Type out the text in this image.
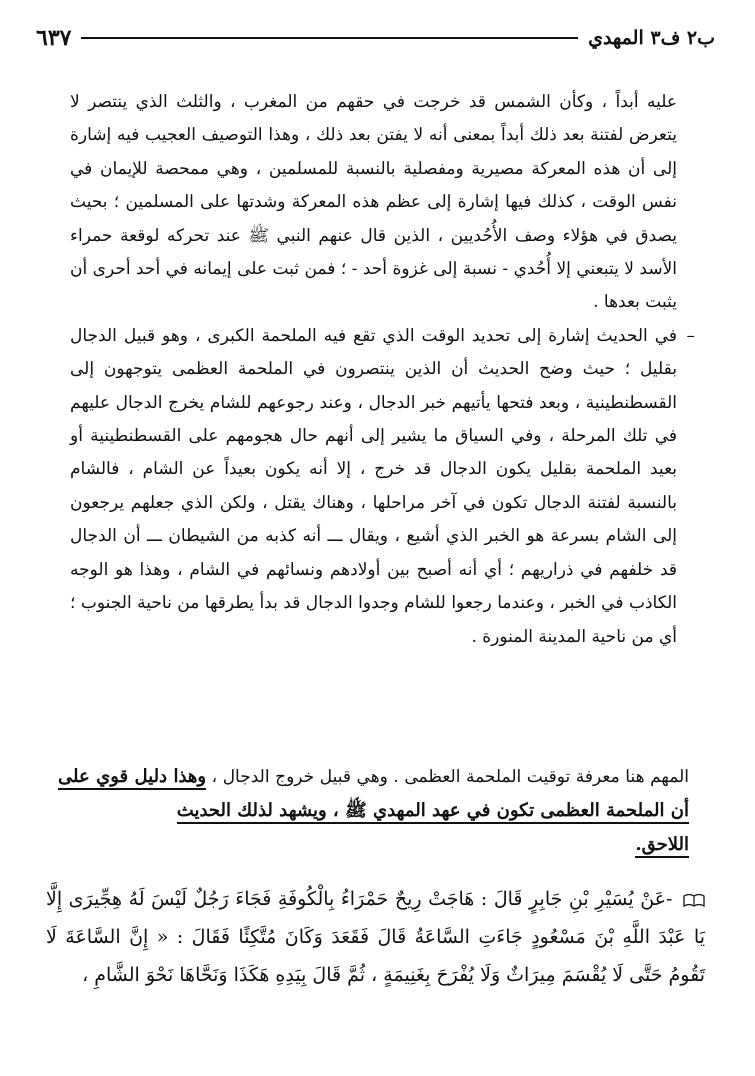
ب٢ ف٣ المهدي
٦٣٧

عليه أبداً ، وكأن الشمس قد خرجت في حقهم من المغرب ، والثلث الذي ينتصر لا يتعرض لفتنة بعد ذلك أبداً بمعنى أنه لا يفتن بعد ذلك ، وهذا التوصيف العجيب فيه إشارة إلى أن هذه المعركة مصيرية ومفصلية بالنسبة للمسلمين ، وهي ممحصة للإيمان في نفس الوقت ، كذلك فيها إشارة إلى عظم هذه المعركة وشدتها على المسلمين ؛ بحيث يصدق في هؤلاء وصف الأُحُديين ، الذين قال عنهم النبي ﷺ عند تحركه لوقعة حمراء الأسد لا يتبعني إلا أُحُدي - نسبة إلى غزوة أحد - ؛ فمن ثبت على إيمانه في أحد أحرى أن يثبت بعدها .

–
في الحديث إشارة إلى تحديد الوقت الذي تقع فيه الملحمة الكبرى ، وهو قبيل الدجال بقليل ؛ حيث وضح الحديث أن الذين ينتصرون في الملحمة العظمى يتوجهون إلى القسطنطينية ، وبعد فتحها يأتيهم خبر الدجال ، وعند رجوعهم للشام يخرج الدجال عليهم في تلك المرحلة ، وفي السياق ما يشير إلى أنهم حال هجومهم على القسطنطينية أو بعيد الملحمة بقليل يكون الدجال قد خرج ، إلا أنه يكون بعيداً عن الشام ، فالشام بالنسبة لفتنة الدجال تكون في آخر مراحلها ، وهناك يقتل ، ولكن الذي جعلهم يرجعون إلى الشام بسرعة هو الخبر الذي أشيع ، ويقال ـــ أنه كذبه من الشيطان ـــ أن الدجال قد خلفهم في ذراريهم ؛ أي أنه أصبح بين أولادهم ونسائهم في الشام ، وهذا هو الوجه الكاذب في الخبر ، وعندما رجعوا للشام وجدوا الدجال قد بدأ يطرقها من ناحية الجنوب ؛ أي من ناحية المدينة المنورة .

المهم هنا معرفة توقيت الملحمة العظمى . وهي قبيل خروج الدجال ، وهذا دليل قوي على أن الملحمة العظمى تكون في عهد المهدي ﷺ ، ويشهد لذلك الحديث
اللاحق.
-عَنْ يُسَيْرِ بْنِ جَابِرٍ قَالَ : هَاجَتْ رِيحٌ حَمْرَاءُ بِالْكُوفَةِ فَجَاءَ رَجُلٌ لَيْسَ لَهُ هِجِّيرَى إِلَّا يَا عَبْدَ اللَّهِ بْنَ مَسْعُودٍ جَاءَتِ السَّاعَةُ قَالَ فَقَعَدَ وَكَانَ مُتَّكِئًا فَقَالَ : « إِنَّ السَّاعَةَ لَا تَقُومُ حَتَّى لَا يُقْسَمَ مِيرَاثٌ وَلَا يُفْرَحَ بِغَنِيمَةٍ ، ثُمَّ قَالَ بِيَدِهِ هَكَذَا وَنَحَّاهَا نَحْوَ الشَّامِ ،
